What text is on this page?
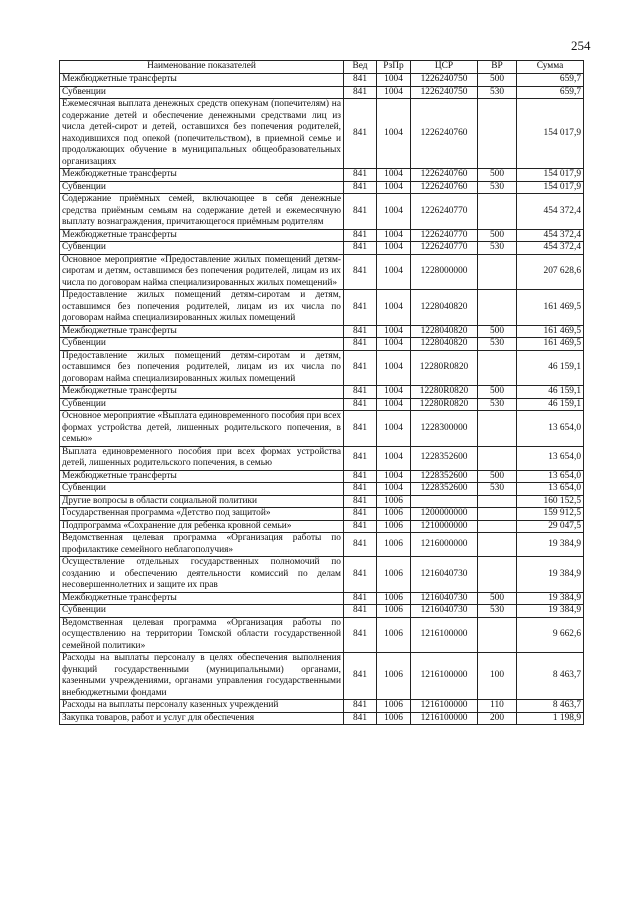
254
Наименование показателей	Вед	РзПр	ЦСР	ВР	Сумма
Межбюджетные трансферты	841	1004	1226240750	500	659,7
Субвенции	841	1004	1226240750	530	659,7
Ежемесячная выплата денежных средств опекунам (попечителям) на содержание детей и обеспечение денежными средствами лиц из числа детей-сирот и детей, оставшихся без попечения родителей, находившихся под опекой (попечительством), в приемной семье и продолжающих обучение в муниципальных общеобразовательных организациях	841	1004	1226240760		154 017,9
Межбюджетные трансферты	841	1004	1226240760	500	154 017,9
Субвенции	841	1004	1226240760	530	154 017,9
Содержание приёмных семей, включающее в себя денежные средства приёмным семьям на содержание детей и ежемесячную выплату вознаграждения, причитающегося приёмным родителям	841	1004	1226240770		454 372,4
Межбюджетные трансферты	841	1004	1226240770	500	454 372,4
Субвенции	841	1004	1226240770	530	454 372,4
Основное мероприятие «Предоставление жилых помещений детям-сиротам и детям, оставшимся без попечения родителей, лицам из их числа по договорам найма специализированных жилых помещений»	841	1004	1228000000		207 628,6
Предоставление жилых помещений детям-сиротам и детям, оставшимся без попечения родителей, лицам из их числа по договорам найма специализированных жилых помещений	841	1004	1228040820		161 469,5
Межбюджетные трансферты	841	1004	1228040820	500	161 469,5
Субвенции	841	1004	1228040820	530	161 469,5
Предоставление жилых помещений детям-сиротам и детям, оставшимся без попечения родителей, лицам из их числа по договорам найма специализированных жилых помещений	841	1004	12280R0820		46 159,1
Межбюджетные трансферты	841	1004	12280R0820	500	46 159,1
Субвенции	841	1004	12280R0820	530	46 159,1
Основное мероприятие «Выплата единовременного пособия при всех формах устройства детей, лишенных родительского попечения, в семью»	841	1004	1228300000		13 654,0
Выплата единовременного пособия при всех формах устройства детей, лишенных родительского попечения, в семью	841	1004	1228352600		13 654,0
Межбюджетные трансферты	841	1004	1228352600	500	13 654,0
Субвенции	841	1004	1228352600	530	13 654,0
Другие вопросы в области социальной политики	841	1006			160 152,5
Государственная программа «Детство под защитой»	841	1006	1200000000		159 912,5
Подпрограмма «Сохранение для ребенка кровной семьи»	841	1006	1210000000		29 047,5
Ведомственная целевая программа «Организация работы по профилактике семейного неблагополучия»	841	1006	1216000000		19 384,9
Осуществление отдельных государственных полномочий по созданию и обеспечению деятельности комиссий по делам несовершеннолетних и защите их прав	841	1006	1216040730		19 384,9
Межбюджетные трансферты	841	1006	1216040730	500	19 384,9
Субвенции	841	1006	1216040730	530	19 384,9
Ведомственная целевая программа «Организация работы по осуществлению на территории Томской области государственной семейной политики»	841	1006	1216100000		9 662,6
Расходы на выплаты персоналу в целях обеспечения выполнения функций государственными (муниципальными) органами, казенными учреждениями, органами управления государственными внебюджетными фондами	841	1006	1216100000	100	8 463,7
Расходы на выплаты персоналу казенных учреждений	841	1006	1216100000	110	8 463,7
Закупка товаров, работ и услуг для обеспечения	841	1006	1216100000	200	1 198,9
